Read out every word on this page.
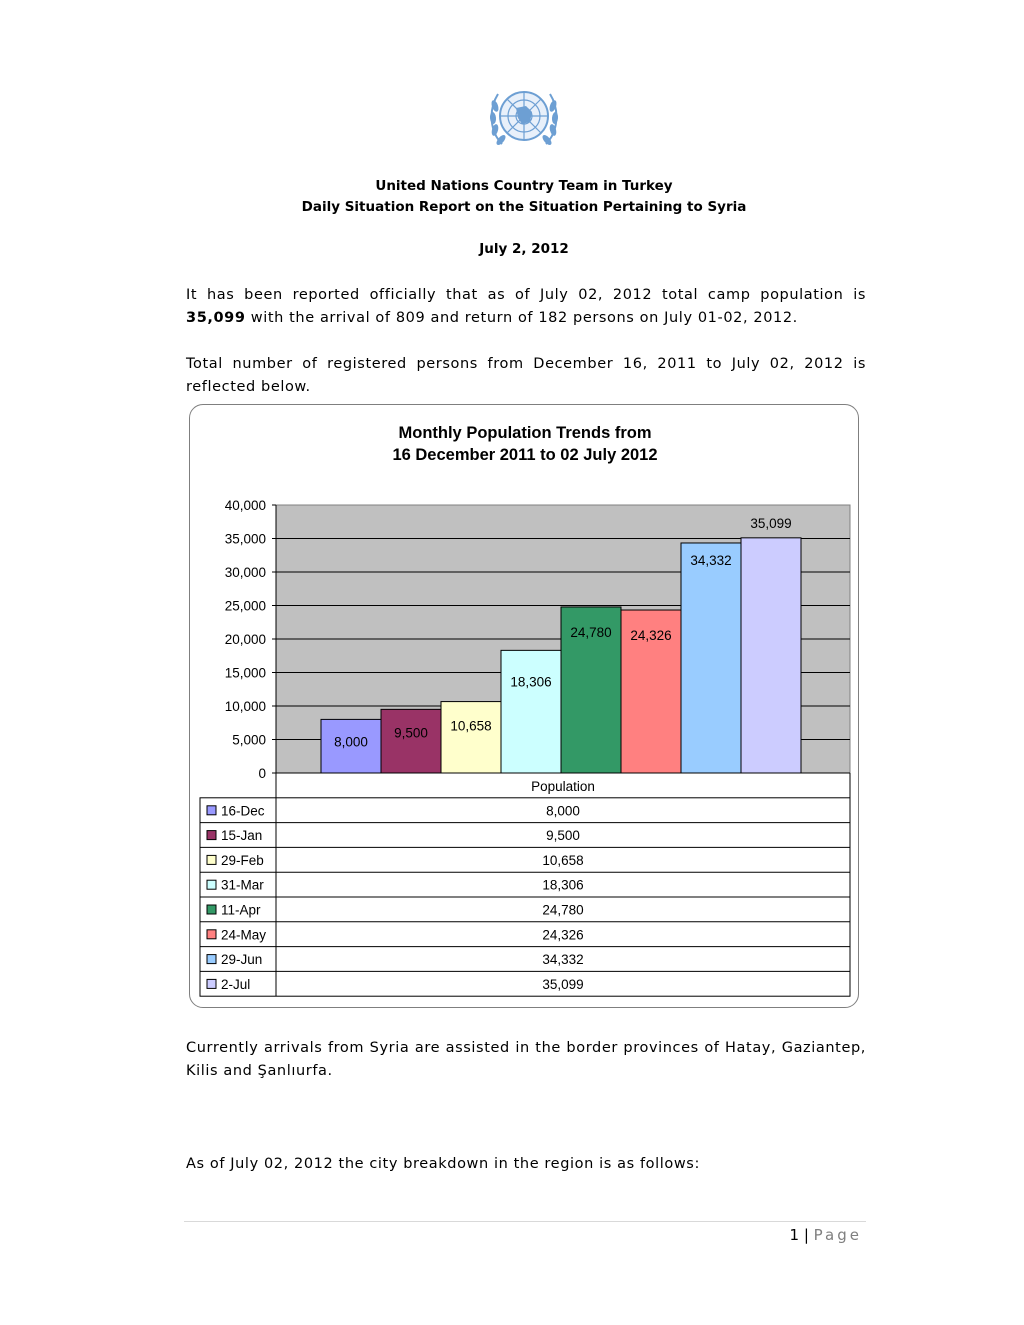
United Nations Country Team in Turkey
Daily Situation Report on the Situation Pertaining to Syria
July 2, 2012
It has been reported officially that as of July 02, 2012 total camp population is 35,099 with the arrival of 809 and return of 182 persons on July 01-02, 2012.
Total number of registered persons from December 16, 2011 to July 02, 2012 is reflected below.
Monthly Population Trends from
16 December 2011 to 02 July 2012
0
5,000
10,000
15,000
20,000
25,000
30,000
35,000
40,000
8,000
9,500 10,658
18,306
24,780 24,326
34,332
35,099
Population
16-Dec	8,000
15-Jan	9,500
29-Feb	10,658
31-Mar	18,306
11-Apr	24,780
24-May	24,326
29-Jun	34,332
2-Jul	35,099
Currently arrivals from Syria are assisted in the border provinces of Hatay, Gaziantep, Kilis and Şanlıurfa.
As of July 02, 2012 the city breakdown in the region is as follows:
1 | Page
